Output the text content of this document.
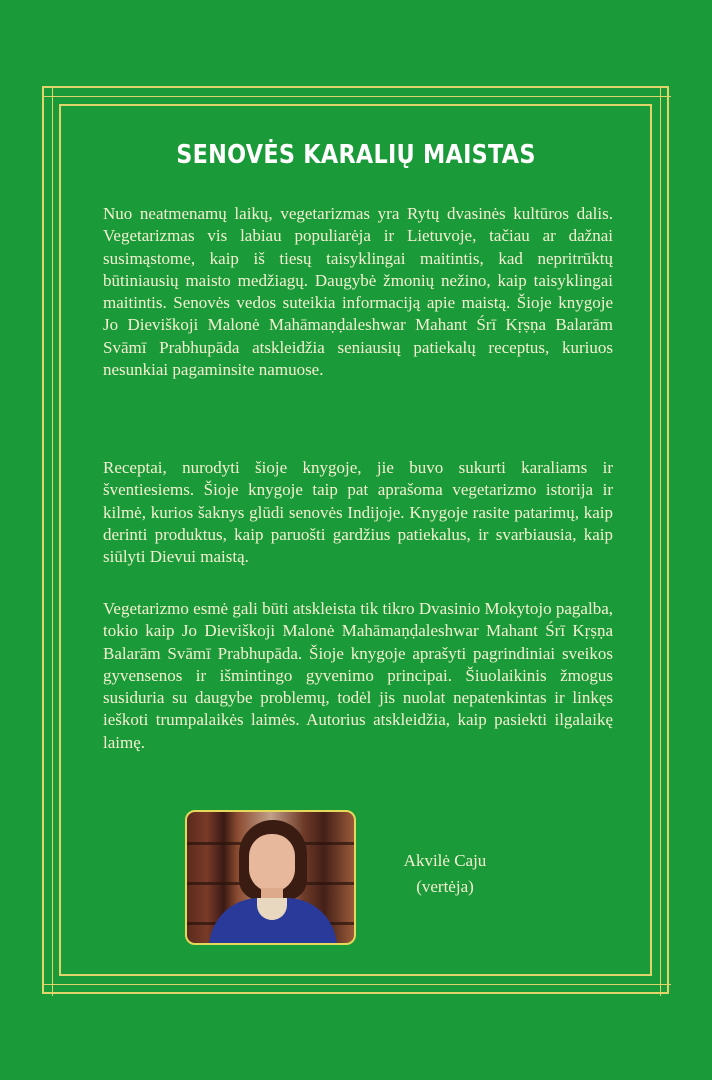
SENOVĖS KARALIŲ MAISTAS

Nuo neatmenamų laikų, vegetarizmas yra Rytų dvasinės kultūros dalis. Vegetarizmas vis labiau populiarėja ir Lietuvoje, tačiau ar dažnai susimąstome, kaip iš tiesų taisyklingai maitintis, kad nepritrūktų būtiniausių maisto medžiagų. Daugybė žmonių nežino, kaip taisyklingai maitintis. Senovės vedos suteikia informaciją apie maistą. Šioje knygoje Jo Dieviškoji Malonė Mahāmaṇḍaleshwar Mahant Śrī Kṛṣṇa Balarām Svāmī Prabhupāda atskleidžia seniausių patiekalų receptus, kuriuos nesunkiai pagaminsite namuose.

Receptai, nurodyti šioje knygoje, jie buvo sukurti karaliams ir šventiesiems. Šioje knygoje taip pat aprašoma vegetarizmo istorija ir kilmė, kurios šaknys glūdi senovės Indijoje. Knygoje rasite patarimų, kaip derinti produktus, kaip paruošti gardžius patiekalus, ir svarbiausia, kaip siūlyti Dievui maistą.

Vegetarizmo esmė gali būti atskleista tik tikro Dvasinio Mokytojo pagalba, tokio kaip Jo Dieviškoji Malonė Mahāmaṇḍaleshwar Mahant Śrī Kṛṣṇa Balarām Svāmī Prabhupāda. Šioje knygoje aprašyti pagrindiniai sveikos gyvensenos ir išmintingo gyvenimo principai. Šiuolaikinis žmogus susiduria su daugybe problemų, todėl jis nuolat nepatenkintas ir linkęs ieškoti trumpalaikės laimės. Autorius atskleidžia, kaip pasiekti ilgalaikę laimę.

Akvilė Caju
(vertėja)
